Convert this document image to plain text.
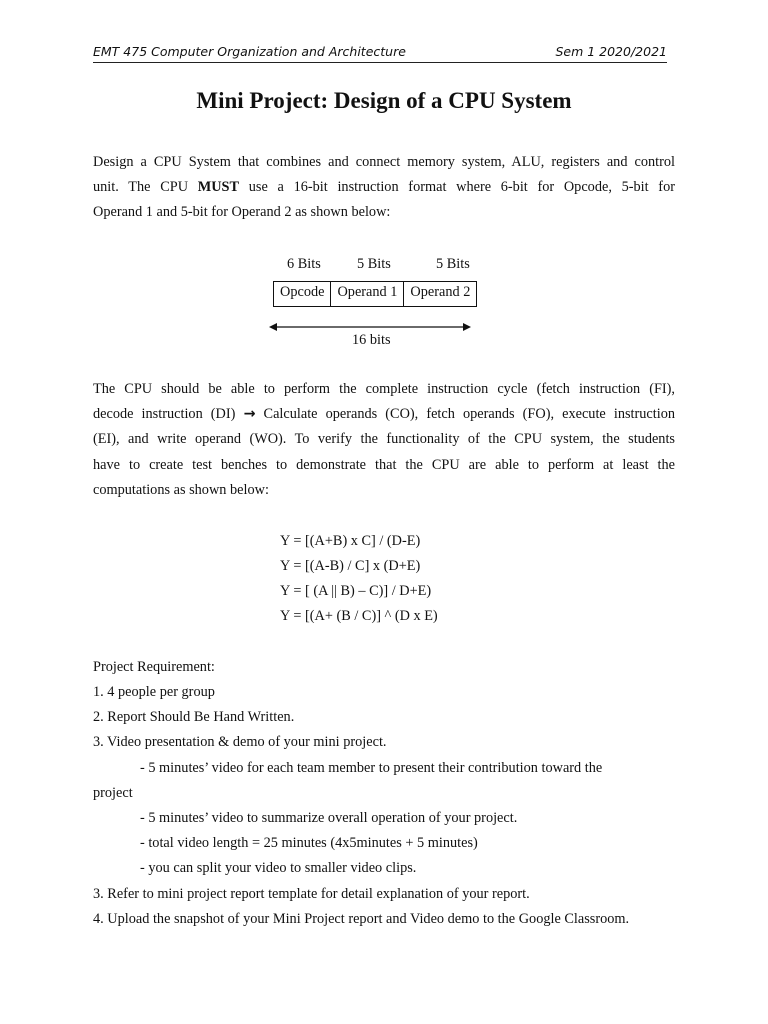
EMT 475 Computer Organization and Architecture	Sem 1 2020/2021
Mini Project: Design of a CPU System

Design a CPU System that combines and connect memory system, ALU, registers and control
unit. The CPU MUST use a 16-bit instruction format where 6-bit for Opcode, 5-bit for
Operand 1 and 5-bit for Operand 2 as shown below:

6 Bits	5 Bits	5 Bits
Opcode	Operand 1	Operand 2
16 bits

The CPU should be able to perform the complete instruction cycle (fetch instruction (FI),
decode instruction (DI) → Calculate operands (CO), fetch operands (FO), execute instruction
(EI), and write operand (WO). To verify the functionality of the CPU system, the students
have to create test benches to demonstrate that the CPU are able to perform at least the
computations as shown below:

Y = [(A+B) x C] / (D-E)
Y = [(A-B) / C] x (D+E)
Y = [ (A || B) – C)] / D+E)
Y = [(A+ (B / C)] ^ (D x E)
Project Requirement:
1. 4 people per group
2. Report Should Be Hand Written.
3. Video presentation & demo of your mini project.
- 5 minutes’ video for each team member to present their contribution toward the
project
- 5 minutes’ video to summarize overall operation of your project.
- total video length = 25 minutes (4x5minutes + 5 minutes)
- you can split your video to smaller video clips.
3. Refer to mini project report template for detail explanation of your report.
4. Upload the snapshot of your Mini Project report and Video demo to the Google Classroom.
